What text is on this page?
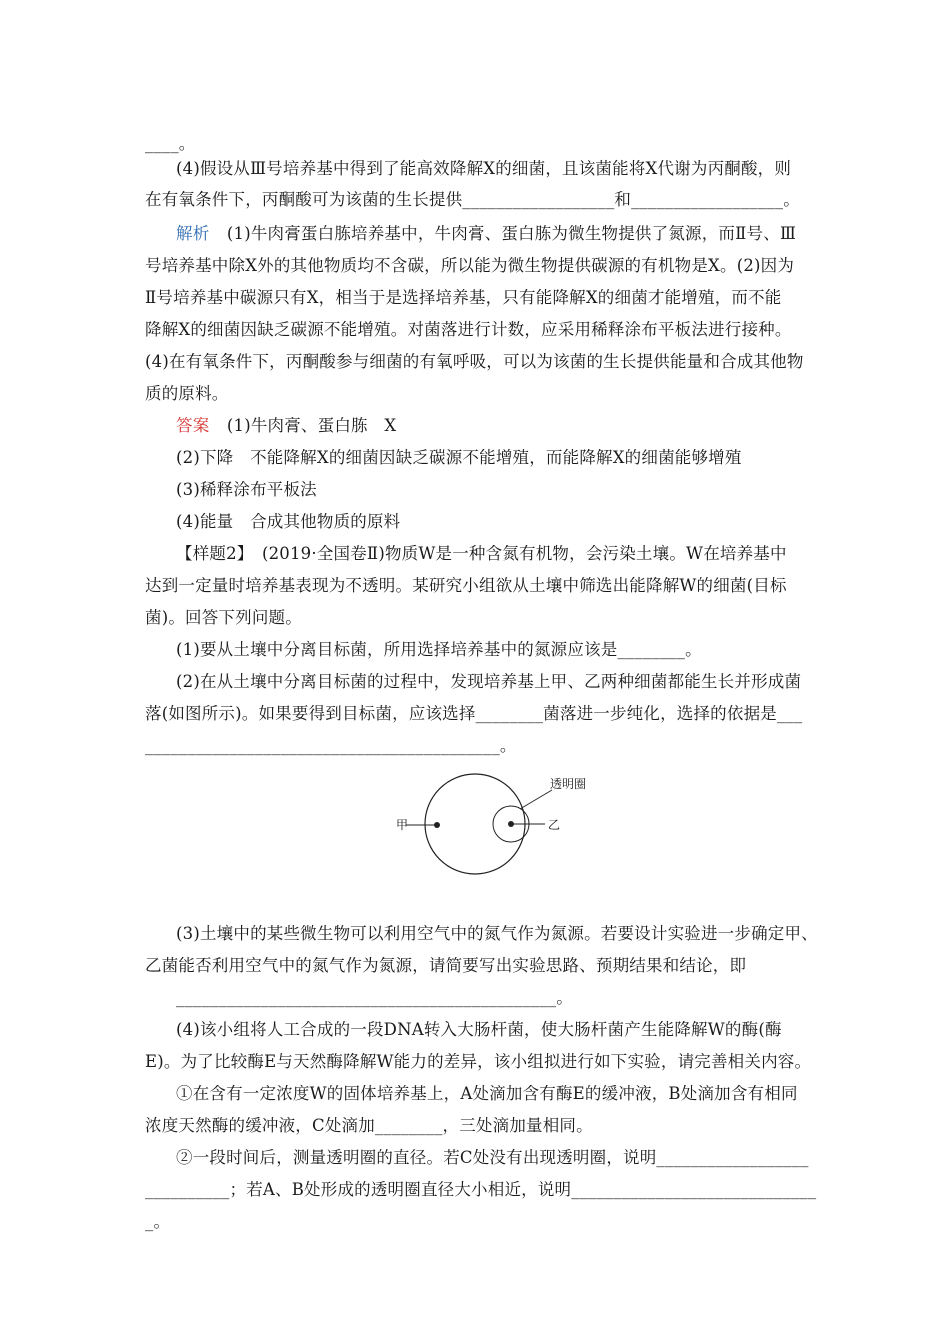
____。
(4)假设从Ⅲ号培养基中得到了能高效降解X的细菌，且该菌能将X代谢为丙酮酸，则
在有氧条件下，丙酮酸可为该菌的生长提供__________________和__________________。
解析 (1)牛肉膏蛋白胨培养基中，牛肉膏、蛋白胨为微生物提供了氮源，而Ⅱ号、Ⅲ
号培养基中除X外的其他物质均不含碳，所以能为微生物提供碳源的有机物是X。(2)因为
Ⅱ号培养基中碳源只有X，相当于是选择培养基，只有能降解X的细菌才能增殖，而不能
降解X的细菌因缺乏碳源不能增殖。对菌落进行计数，应采用稀释涂布平板法进行接种。
(4)在有氧条件下，丙酮酸参与细菌的有氧呼吸，可以为该菌的生长提供能量和合成其他物
质的原料。
答案 (1)牛肉膏、蛋白胨　X
(2)下降　不能降解X的细菌因缺乏碳源不能增殖，而能降解X的细菌能够增殖
(3)稀释涂布平板法
(4)能量　合成其他物质的原料
【样题2】　(2019·全国卷Ⅱ)物质W是一种含氮有机物，会污染土壤。W在培养基中
达到一定量时培养基表现为不透明。某研究小组欲从土壤中筛选出能降解W的细菌(目标
菌)。回答下列问题。
(1)要从土壤中分离目标菌，所用选择培养基中的氮源应该是________。
(2)在从土壤中分离目标菌的过程中，发现培养基上甲、乙两种细菌都能生长并形成菌
落(如图所示)。如果要得到目标菌，应该选择________菌落进一步纯化，选择的依据是___
__________________________________________。
甲	乙
透明圈
(3)土壤中的某些微生物可以利用空气中的氮气作为氮源。若要设计实验进一步确定甲、
乙菌能否利用空气中的氮气作为氮源，请简要写出实验思路、预期结果和结论，即
_____________________________________________。
(4)该小组将人工合成的一段DNA转入大肠杆菌，使大肠杆菌产生能降解W的酶(酶
E)。为了比较酶E与天然酶降解W能力的差异，该小组拟进行如下实验，请完善相关内容。
①在含有一定浓度W的固体培养基上，A处滴加含有酶E的缓冲液，B处滴加含有相同
浓度天然酶的缓冲液，C处滴加________，三处滴加量相同。
②一段时间后，测量透明圈的直径。若C处没有出现透明圈，说明__________________
__________；若A、B处形成的透明圈直径大小相近，说明_____________________________
_。
